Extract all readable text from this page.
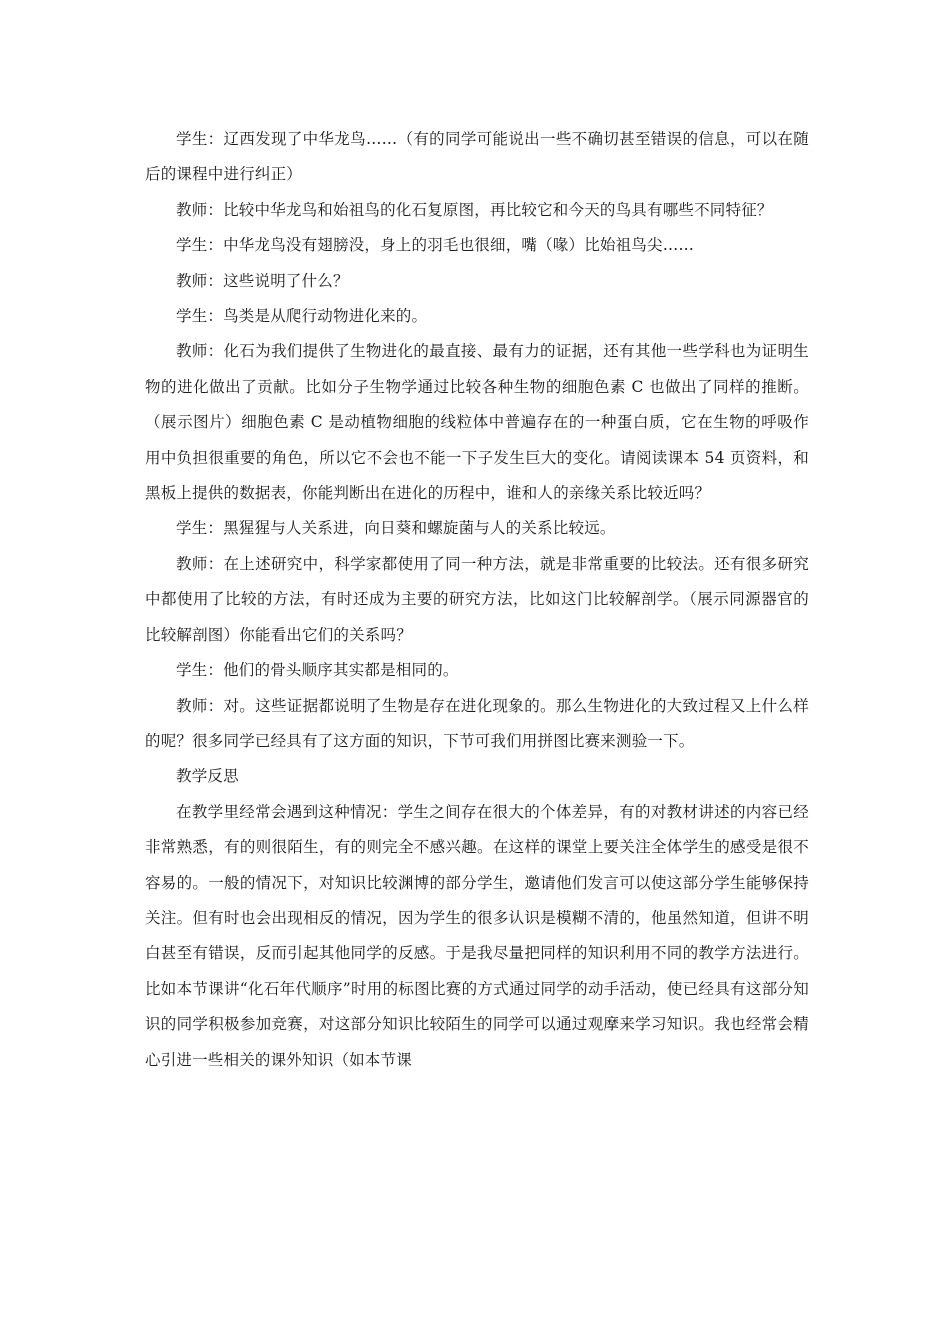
学生：辽西发现了中华龙鸟……（有的同学可能说出一些不确切甚至错误的信息，可以在随后的课程中进行纠正）

教师：比较中华龙鸟和始祖鸟的化石复原图，再比较它和今天的鸟具有哪些不同特征？

学生：中华龙鸟没有翅膀没，身上的羽毛也很细，嘴（喙）比始祖鸟尖……

教师：这些说明了什么？

学生：鸟类是从爬行动物进化来的。

教师：化石为我们提供了生物进化的最直接、最有力的证据，还有其他一些学科也为证明生物的进化做出了贡献。比如分子生物学通过比较各种生物的细胞色素 C 也做出了同样的推断。（展示图片）细胞色素 C 是动植物细胞的线粒体中普遍存在的一种蛋白质，它在生物的呼吸作用中负担很重要的角色，所以它不会也不能一下子发生巨大的变化。请阅读课本 54 页资料，和黑板上提供的数据表，你能判断出在进化的历程中，谁和人的亲缘关系比较近吗？

学生：黑猩猩与人关系进，向日葵和螺旋菌与人的关系比较远。

教师：在上述研究中，科学家都使用了同一种方法，就是非常重要的比较法。还有很多研究中都使用了比较的方法，有时还成为主要的研究方法，比如这门比较解剖学。（展示同源器官的比较解剖图）你能看出它们的关系吗？

学生：他们的骨头顺序其实都是相同的。

教师：对。这些证据都说明了生物是存在进化现象的。那么生物进化的大致过程又上什么样的呢？很多同学已经具有了这方面的知识，下节可我们用拼图比赛来测验一下。

教学反思

在教学里经常会遇到这种情况：学生之间存在很大的个体差异，有的对教材讲述的内容已经非常熟悉，有的则很陌生，有的则完全不感兴趣。在这样的课堂上要关注全体学生的感受是很不容易的。一般的情况下，对知识比较渊博的部分学生，邀请他们发言可以使这部分学生能够保持关注。但有时也会出现相反的情况，因为学生的很多认识是模糊不清的，他虽然知道，但讲不明白甚至有错误，反而引起其他同学的反感。于是我尽量把同样的知识利用不同的教学方法进行。比如本节课讲“化石年代顺序”时用的标图比赛的方式通过同学的动手活动，使已经具有这部分知识的同学积极参加竞赛，对这部分知识比较陌生的同学可以通过观摩来学习知识。我也经常会精心引进一些相关的课外知识（如本节课
